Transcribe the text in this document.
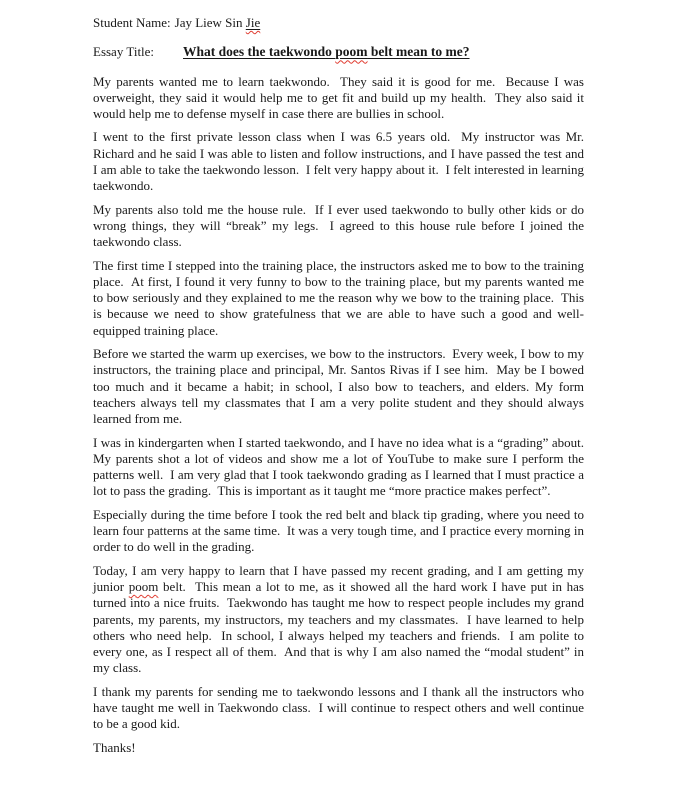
Student Name: Jay Liew Sin Jie
Essay Title: What does the taekwondo poom belt mean to me?

My parents wanted me to learn taekwondo.  They said it is good for me.  Because I was overweight, they said it would help me to get fit and build up my health.  They also said it would help me to defense myself in case there are bullies in school.

I went to the first private lesson class when I was 6.5 years old.  My instructor was Mr. Richard and he said I was able to listen and follow instructions, and I have passed the test and I am able to take the taekwondo lesson.  I felt very happy about it.  I felt interested in learning taekwondo.

My parents also told me the house rule.  If I ever used taekwondo to bully other kids or do wrong things, they will “break” my legs.  I agreed to this house rule before I joined the taekwondo class.

The first time I stepped into the training place, the instructors asked me to bow to the training place.  At first, I found it very funny to bow to the training place, but my parents wanted me to bow seriously and they explained to me the reason why we bow to the training place.  This is because we need to show gratefulness that we are able to have such a good and well-equipped training place.

Before we started the warm up exercises, we bow to the instructors.  Every week, I bow to my instructors, the training place and principal, Mr. Santos Rivas if I see him.  May be I bowed too much and it became a habit; in school, I also bow to teachers, and elders. My form teachers always tell my classmates that I am a very polite student and they should always learned from me.

I was in kindergarten when I started taekwondo, and I have no idea what is a “grading” about.  My parents shot a lot of videos and show me a lot of YouTube to make sure I perform the patterns well.  I am very glad that I took taekwondo grading as I learned that I must practice a lot to pass the grading.  This is important as it taught me “more practice makes perfect”.

Especially during the time before I took the red belt and black tip grading, where you need to learn four patterns at the same time.  It was a very tough time, and I practice every morning in order to do well in the grading.

Today, I am very happy to learn that I have passed my recent grading, and I am getting my junior poom belt.  This mean a lot to me, as it showed all the hard work I have put in has turned into a nice fruits.  Taekwondo has taught me how to respect people includes my grand parents, my parents, my instructors, my teachers and my classmates.  I have learned to help others who need help.  In school, I always helped my teachers and friends.  I am polite to every one, as I respect all of them.  And that is why I am also named the “modal student” in my class.

I thank my parents for sending me to taekwondo lessons and I thank all the instructors who have taught me well in Taekwondo class.  I will continue to respect others and well continue to be a good kid.

Thanks!
